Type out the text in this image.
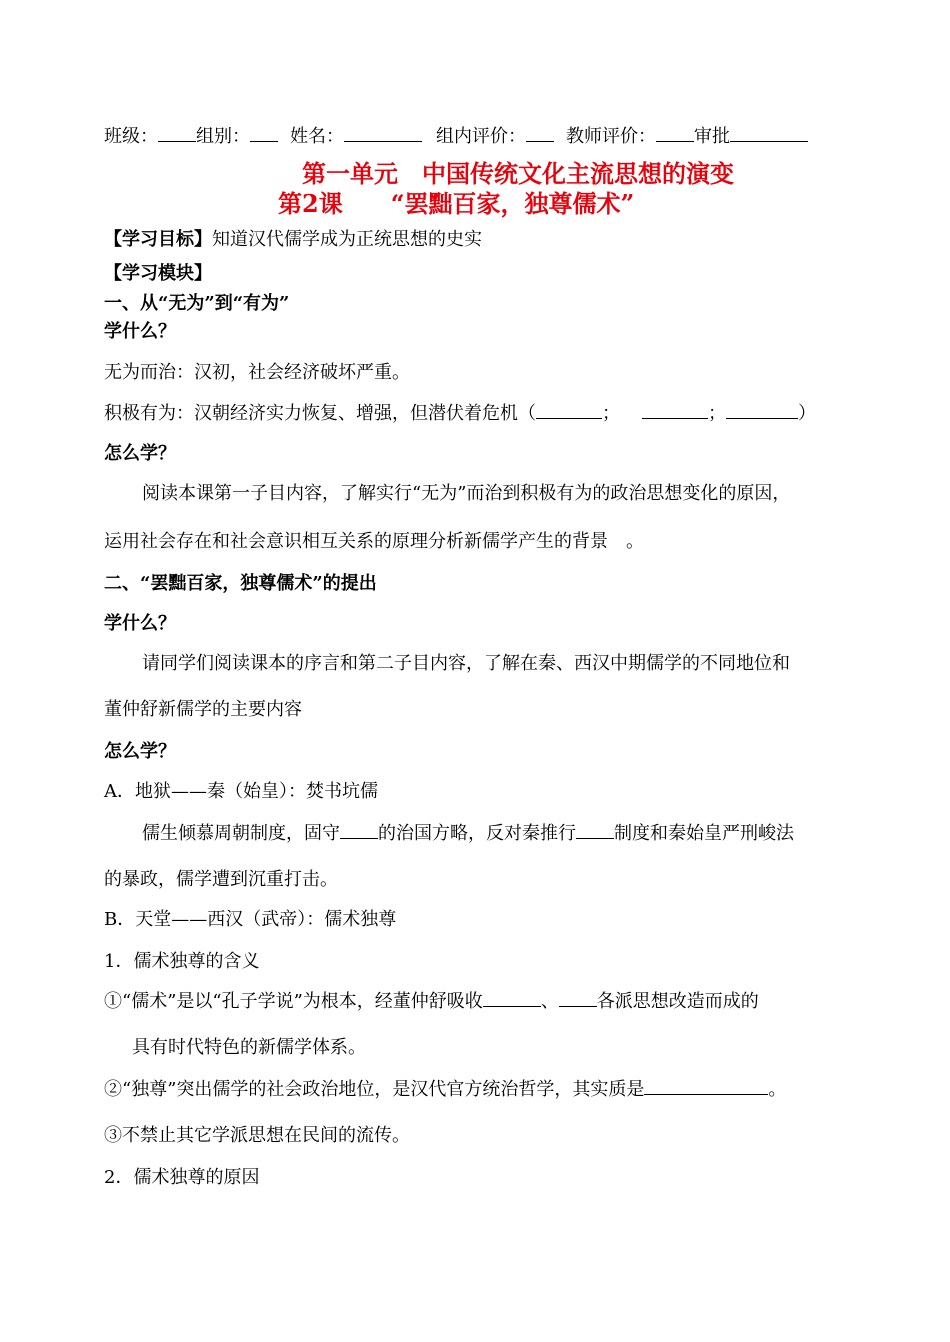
班级： 组别： 姓名：	组内评价： 教师评价： 审批
第一单元　中国传统文化主流思想的演变
第2课　　“罢黜百家，独尊儒术”
【学习目标】知道汉代儒学成为正统思想的史实
【学习模块】
一、从“无为”到“有为”
学什么？
无为而治：汉初，社会经济破坏严重。
积极有为：汉朝经济实力恢复、增强，但潜伏着危机（	；	；	）
怎么学？
阅读本课第一子目内容，了解实行“无为”而治到积极有为的政治思想变化的原因，
运用社会存在和社会意识相互关系的原理分析新儒学产生的背景　。
二、“罢黜百家，独尊儒术”的提出
学什么？
请同学们阅读课本的序言和第二子目内容，了解在秦、西汉中期儒学的不同地位和
董仲舒新儒学的主要内容
怎么学？
A．地狱——秦（始皇）：焚书坑儒
儒生倾慕周朝制度，固守 的治国方略，反对秦推行 制度和秦始皇严刑峻法
的暴政，儒学遭到沉重打击。
B．天堂——西汉（武帝）：儒术独尊
1．儒术独尊的含义
①“儒术”是以“孔子学说”为根本，经董仲舒吸收	、 各派思想改造而成的
具有时代特色的新儒学体系。
②“独尊”突出儒学的社会政治地位，是汉代官方统治哲学，其实质是	。
③不禁止其它学派思想在民间的流传。
2．儒术独尊的原因
